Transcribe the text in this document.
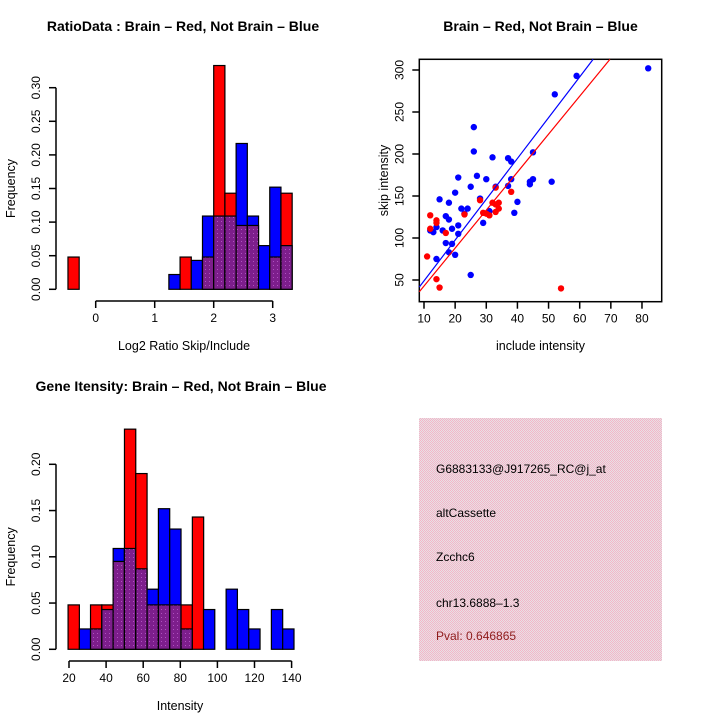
0	1	2	3
0.00
0.05
0.10
0.15
0.20
0.25
0.30
RatioData : Brain – Red, Not Brain – Blue
Log2 Ratio Skip/Include
Frequency
10 20 30 40 50 60 70 80
50
100
150
200
250
300
Brain – Red, Not Brain – Blue
include intensity
skip intensity
20 40 60 80 100 120 140
0.00
0.05
0.10
0.15
0.20
Gene Itensity: Brain – Red, Not Brain – Blue
Intensity
Frequency
G6883133@J917265_RC@j_at
altCassette
Zcchc6
chr13.6888–1.3
Pval: 0.646865
